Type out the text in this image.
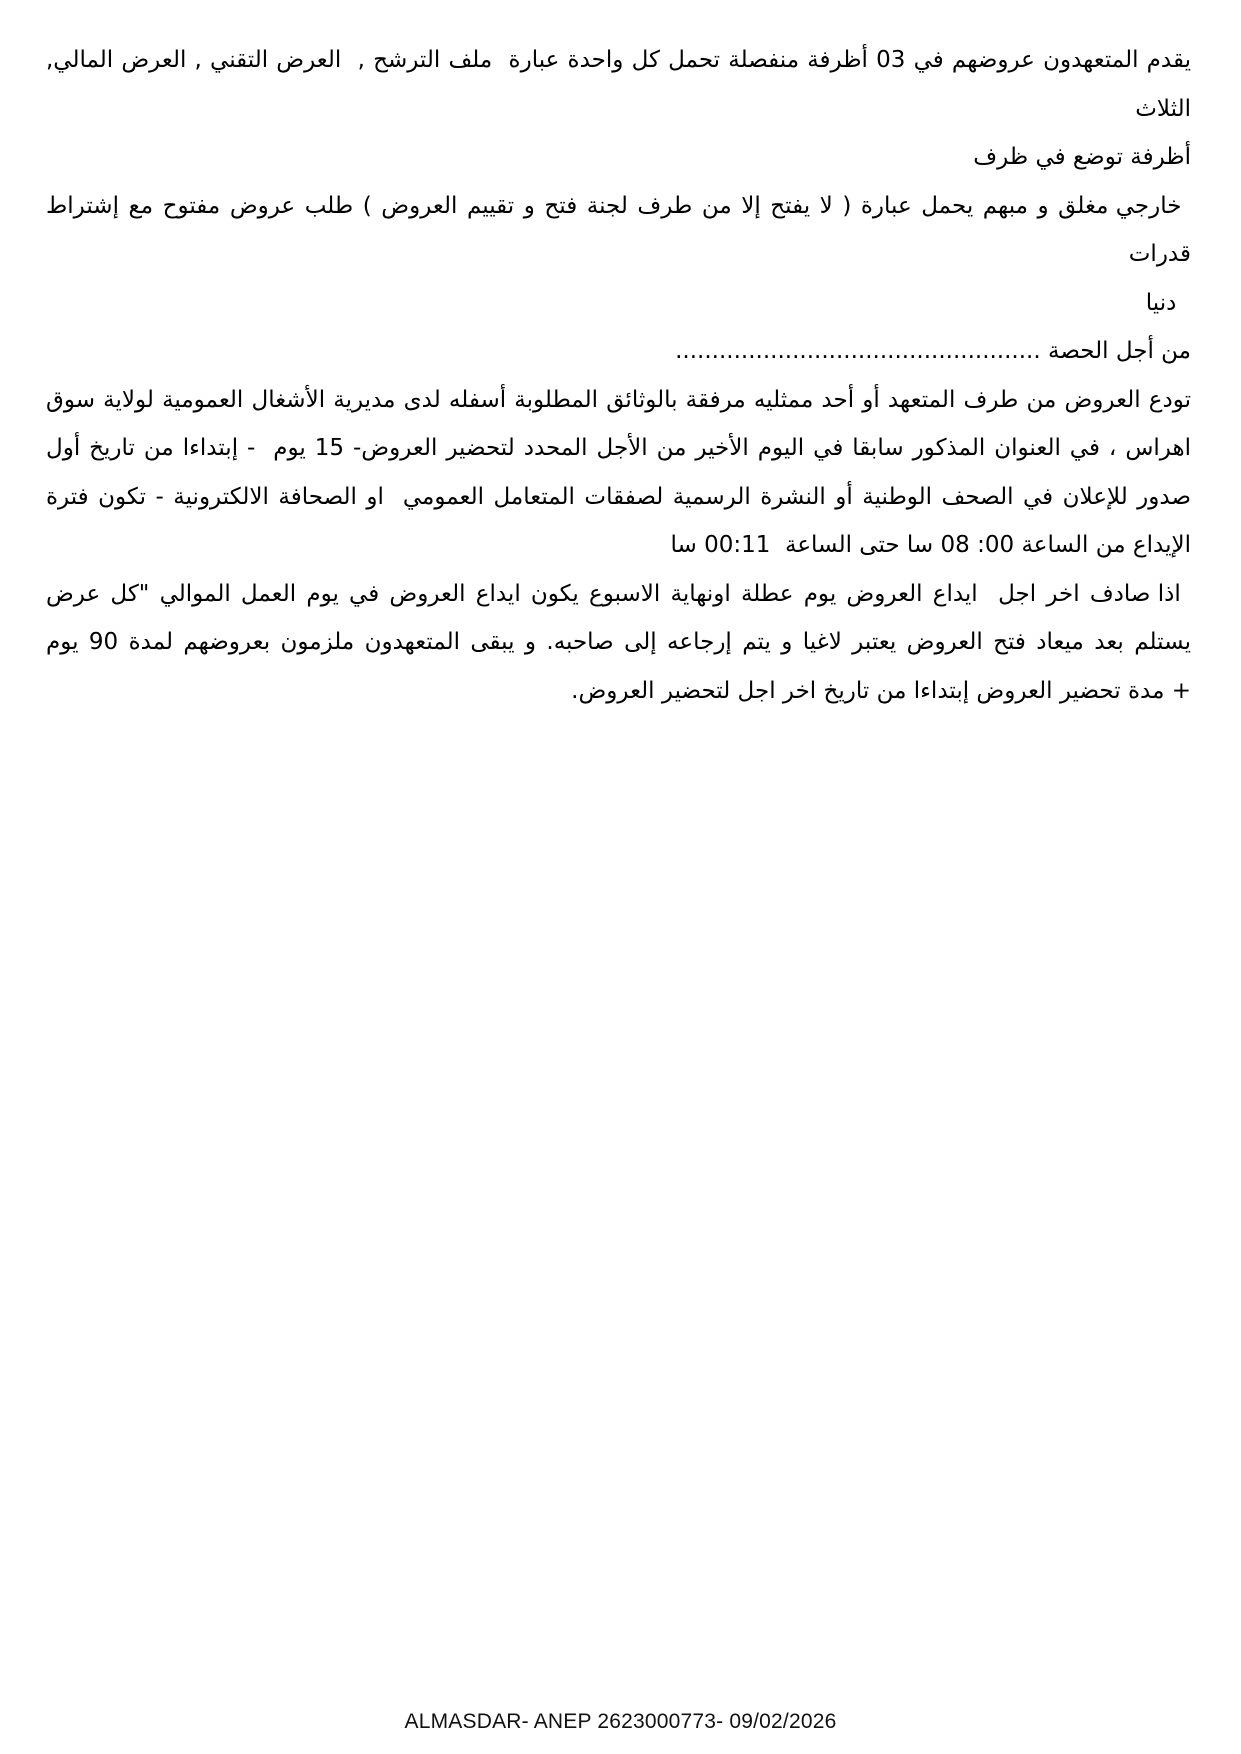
يقدم المتعهدون عروضهم في 03 أظرفة منفصلة تحمل كل واحدة عبارة  ملف الترشح ,  العرض التقني , العرض المالي,  الثلاث
أظرفة توضع في ظرف
خارجي مغلق و مبهم يحمل عبارة ( لا يفتح إلا من طرف لجنة فتح و تقييم العروض ) طلب عروض مفتوح مع إشتراط قدرات
دنيا
من أجل الحصة ..................................................
تودع العروض من طرف المتعهد أو أحد ممثليه مرفقة بالوثائق المطلوبة أسفله لدى مديرية الأشغال العمومية لولاية سوق
اهراس ، في العنوان المذكور سابقا في اليوم الأخير من الأجل المحدد لتحضير العروض- 15 يوم  - إبتداءا من تاريخ أول
صدور للإعلان في الصحف الوطنية أو النشرة الرسمية لصفقات المتعامل العمومي  او الصحافة الالكترونية - تكون فترة
الإيداع من الساعة 00: 08 سا حتى الساعة  00:11 سا
اذا صادف اخر اجل  ايداع العروض يوم عطلة اونهاية الاسبوع يكون ايداع العروض في يوم العمل الموالي "كل عرض
يستلم بعد ميعاد فتح العروض يعتبر لاغيا و يتم إرجاعه إلى صاحبه. و يبقى المتعهدون ملزمون بعروضهم لمدة 90 يوم
+ مدة تحضير العروض إبتداءا من تاريخ اخر اجل لتحضير العروض.
ALMASDAR- ANEP 2623000773- 09/02/2026
